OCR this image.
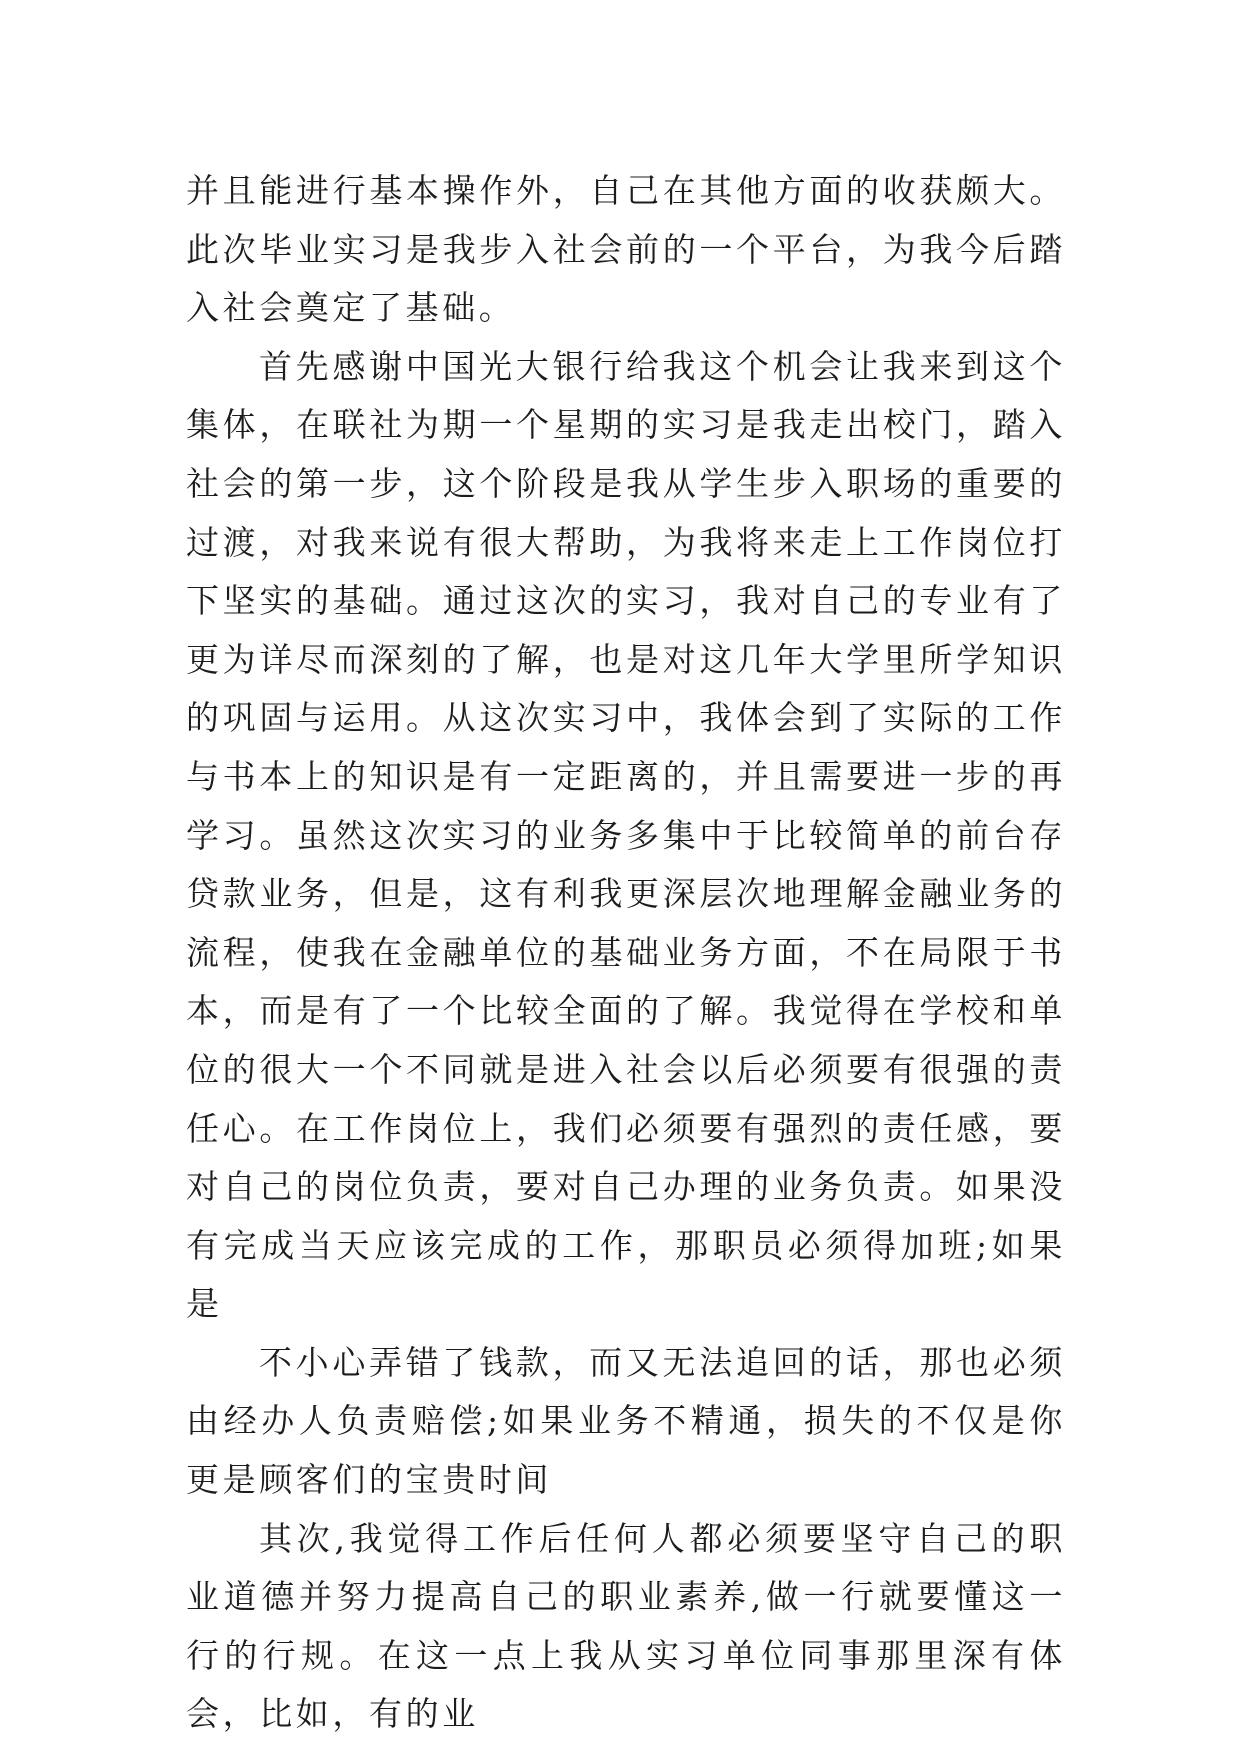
并且能进行基本操作外，自己在其他方面的收获颇大。此次毕业实习是我步入社会前的一个平台，为我今后踏入社会奠定了基础。

首先感谢中国光大银行给我这个机会让我来到这个集体，在联社为期一个星期的实习是我走出校门，踏入社会的第一步，这个阶段是我从学生步入职场的重要的过渡，对我来说有很大帮助，为我将来走上工作岗位打下坚实的基础。通过这次的实习，我对自己的专业有了更为详尽而深刻的了解，也是对这几年大学里所学知识的巩固与运用。从这次实习中，我体会到了实际的工作与书本上的知识是有一定距离的，并且需要进一步的再学习。虽然这次实习的业务多集中于比较简单的前台存贷款业务，但是，这有利我更深层次地理解金融业务的流程，使我在金融单位的基础业务方面，不在局限于书本，而是有了一个比较全面的了解。我觉得在学校和单位的很大一个不同就是进入社会以后必须要有很强的责任心。在工作岗位上，我们必须要有强烈的责任感，要对自己的岗位负责，要对自己办理的业务负责。如果没有完成当天应该完成的工作，那职员必须得加班;如果是

不小心弄错了钱款，而又无法追回的话，那也必须由经办人负责赔偿;如果业务不精通，损失的不仅是你更是顾客们的宝贵时间

其次,我觉得工作后任何人都必须要坚守自己的职业道德并努力提高自己的职业素养,做一行就要懂这一行的行规。在这一点上我从实习单位同事那里深有体会，比如，有的业
